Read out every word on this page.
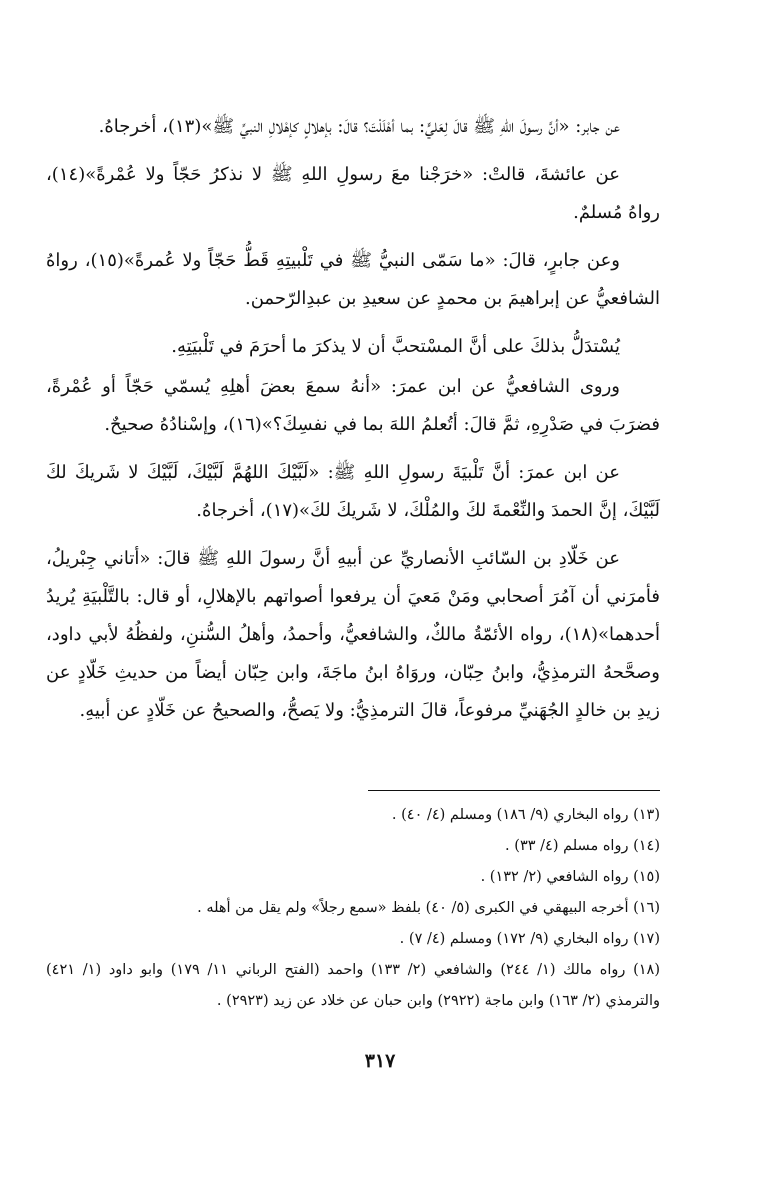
عن جابر: «أنَّ رسولَ اللهِ ﷺ قالَ لِعَليٍّ: بما أهْلَلْتَ؟ قالَ: بإهلالٍ كإهْلالِ النبيِّ ﷺ»(١٣)، أخرجاهُ.

عن عائشةَ، قالتْ: «خرَجْنا معَ رسولِ اللهِ ﷺ لا نذكرُ حَجّاً ولا عُمْرةً»(١٤)، رواهُ مُسلمٌ.

وعن جابرٍ، قالَ: «ما سَمّى النبيُّ ﷺ في تَلْبيتِهِ قَطُّ حَجّاً ولا عُمرةً»(١٥)، رواهُ الشافعيُّ عن إبراهيمَ بن محمدٍ عن سعيدِ بن عبدِالرّحمن.

يُسْتدَلُّ بذلكَ على أنَّ المسْتحبَّ أن لا يذكرَ ما أحرَمَ في تَلْبيَتِهِ.

وروى الشافعيُّ عن ابن عمرَ: «أنهُ سمعَ بعضَ أهلِهِ يُسمّي حَجّاً أو عُمْرةً، فضرَبَ في صَدْرِهِ، ثمَّ قالَ: أتُعلمُ اللهَ بما في نفسِكَ؟»(١٦)، وإسْنادُهُ صحيحٌ.

عن ابن عمرَ: أنَّ تَلْبيَةَ رسولِ اللهِ ﷺ: «لَبَّيْكَ اللهُمَّ لَبَّيْكَ، لَبَّيْكَ لا شَريكَ لكَ لَبَّيْكَ، إنَّ الحمدَ والنِّعْمةَ لكَ والمُلْكَ، لا شَريكَ لكَ»(١٧)، أخرجاهُ.

عن خَلّادِ بن السّائبِ الأنصاريِّ عن أبيهِ أنَّ رسولَ اللهِ ﷺ قالَ: «أتاني جِبْريلُ، فأمرَني أن آمُرَ أصحابي ومَنْ مَعيَ أن يرفعوا أصواتهم بالإهلالِ، أو قال: بالتَّلْبيَةِ يُريدُ أحدهما»(١٨)، رواه الأئمّةُ مالكٌ، والشافعيُّ، وأحمدُ، وأهلُ السُّننِ، ولفظُهُ لأبي داود، وصحَّحهُ الترمذِيُّ، وابنُ حِبّان، وروَاهُ ابنُ ماجَةَ، وابن حِبّان أيضاً من حديثِ خَلّادٍ عن زيدِ بن خالدٍ الجُهَنيِّ مرفوعاً، قالَ الترمذِيُّ: ولا يَصحُّ، والصحيحُ عن خَلّادٍ عن أبيهِ.

(١٣) رواه البخاري (٩/ ١٨٦) ومسلم (٤/ ٤٠) .

(١٤) رواه مسلم (٤/ ٣٣) .

(١٥) رواه الشافعي (٢/ ١٣٢) .

(١٦) أخرجه البيهقي في الكبرى (٥/ ٤٠) بلفظ «سمع رجلاً» ولم يقل من أهله .

(١٧) رواه البخاري (٩/ ١٧٢) ومسلم (٤/ ٧) .

(١٨) رواه مالك (١/ ٢٤٤) والشافعي (٢/ ١٣٣) واحمد (الفتح الرباني ١١/ ١٧٩) وابو داود (١/ ٤٢١) والترمذي (٢/ ١٦٣) وابن ماجة (٢٩٢٢) وابن حبان عن خلاد عن زيد (٢٩٢٣) .

٣١٧
